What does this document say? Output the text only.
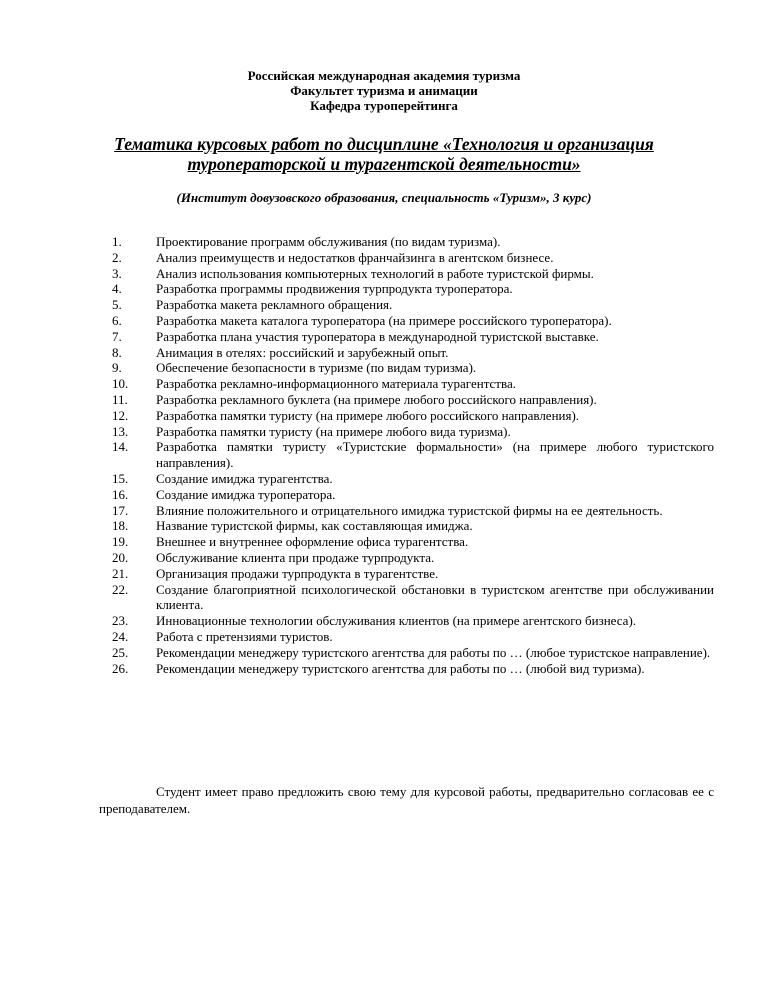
Российская международная академия туризма
Факультет туризма и анимации
Кафедра туроперейтинга
Тематика курсовых работ по дисциплине «Технология и организация
туроператорской и турагентской деятельности»
(Институт довузовского образования, специальность «Туризм», 3 курс)
1.	Проектирование программ обслуживания (по видам туризма).
2.	Анализ преимуществ и недостатков франчайзинга в агентском бизнесе.
3.	Анализ использования компьютерных технологий в работе туристской фирмы.
4.	Разработка программы продвижения турпродукта туроператора.
5.	Разработка макета рекламного обращения.
6.	Разработка макета каталога туроператора (на примере российского туроператора).
7.	Разработка плана участия туроператора в международной туристской выставке.
8.	Анимация в отелях: российский и зарубежный опыт.
9.	Обеспечение безопасности в туризме (по видам туризма).
10.	Разработка рекламно-информационного материала турагентства.
11.	Разработка рекламного буклета (на примере любого российского направления).
12.	Разработка памятки туристу (на примере любого российского направления).
13.	Разработка памятки туристу (на примере любого вида туризма).
14.	Разработка памятки туристу «Туристские формальности» (на примере любого туристского направления).
15.	Создание имиджа турагентства.
16.	Создание имиджа туроператора.
17.	Влияние положительного и отрицательного имиджа туристской фирмы на ее деятельность.
18.	Название туристской фирмы, как составляющая имиджа.
19.	Внешнее и внутреннее оформление офиса турагентства.
20.	Обслуживание клиента при продаже турпродукта.
21.	Организация продажи турпродукта в турагентстве.
22.	Создание благоприятной психологической обстановки в туристском агентстве при обслуживании клиента.
23.	Инновационные технологии обслуживания клиентов (на примере агентского бизнеса).
24.	Работа с претензиями туристов.
25.	Рекомендации менеджеру туристского агентства для работы по … (любое туристское направление).
26.	Рекомендации менеджеру туристского агентства для работы по … (любой вид туризма).

Студент имеет право предложить свою тему для курсовой работы, предварительно согласовав ее с преподавателем.
